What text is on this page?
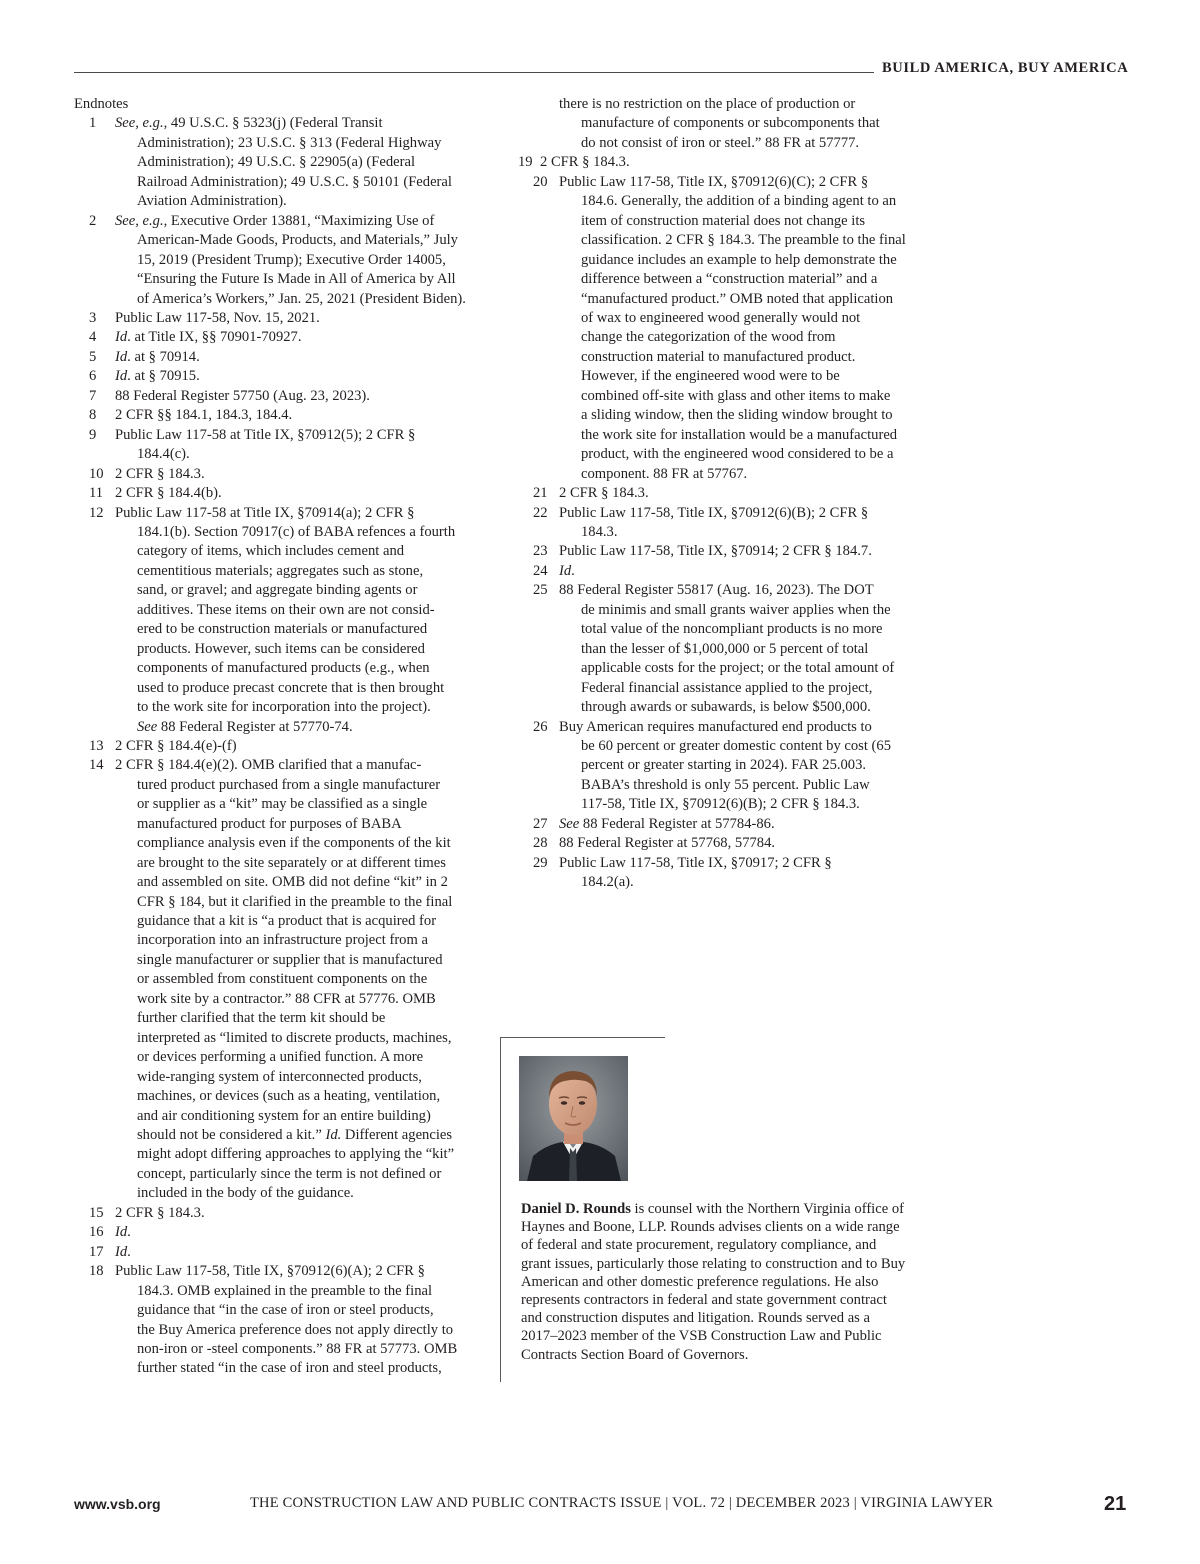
BUILD AMERICA, BUY AMERICA
Endnotes
1	See, e.g., 49 U.S.C. § 5323(j) (Federal Transit
Administration); 23 U.S.C. § 313 (Federal Highway
Administration); 49 U.S.C. § 22905(a) (Federal
Railroad Administration); 49 U.S.C. § 50101 (Federal
Aviation Administration).
2	See, e.g., Executive Order 13881, “Maximizing Use of
American-Made Goods, Products, and Materials,” July
15, 2019 (President Trump); Executive Order 14005,
“Ensuring the Future Is Made in All of America by All
of America’s Workers,” Jan. 25, 2021 (President Biden).
3	Public Law 117-58, Nov. 15, 2021.
4	Id. at Title IX, §§ 70901-70927.
5	Id. at § 70914.
6	Id. at § 70915.
7	88 Federal Register 57750 (Aug. 23, 2023).
8	2 CFR §§ 184.1, 184.3, 184.4.
9	Public Law 117-58 at Title IX, §70912(5); 2 CFR §
184.4(c).
10 2 CFR § 184.3.
11 2 CFR § 184.4(b).
12 Public Law 117-58 at Title IX, §70914(a); 2 CFR §
184.1(b). Section 70917(c) of BABA refences a fourth
category of items, which includes cement and
cementitious materials; aggregates such as stone,
sand, or gravel; and aggregate binding agents or
additives. These items on their own are not consid-
ered to be construction materials or manufactured
products. However, such items can be considered
components of manufactured products (e.g., when
used to produce precast concrete that is then brought
to the work site for incorporation into the project).
See 88 Federal Register at 57770-74.
13 2 CFR § 184.4(e)-(f)
14 2 CFR § 184.4(e)(2). OMB clarified that a manufac-
tured product purchased from a single manufacturer
or supplier as a “kit” may be classified as a single
manufactured product for purposes of BABA
compliance analysis even if the components of the kit
are brought to the site separately or at different times
and assembled on site. OMB did not define “kit” in 2
CFR § 184, but it clarified in the preamble to the final
guidance that a kit is “a product that is acquired for
incorporation into an infrastructure project from a
single manufacturer or supplier that is manufactured
or assembled from constituent components on the
work site by a contractor.” 88 CFR at 57776. OMB
further clarified that the term kit should be
interpreted as “limited to discrete products, machines,
or devices performing a unified function. A more
wide-ranging system of interconnected products,
machines, or devices (such as a heating, ventilation,
and air conditioning system for an entire building)
should not be considered a kit.” Id. Different agencies
might adopt differing approaches to applying the “kit”
concept, particularly since the term is not defined or
included in the body of the guidance.
15 2 CFR § 184.3.
16 Id.
17 Id.
18 Public Law 117-58, Title IX, §70912(6)(A); 2 CFR §
184.3. OMB explained in the preamble to the final
guidance that “in the case of iron or steel products,
the Buy America preference does not apply directly to
non-iron or -steel components.” 88 FR at 57773. OMB
further stated “in the case of iron and steel products,
there is no restriction on the place of production or
manufacture of components or subcomponents that
do not consist of iron or steel.” 88 FR at 57777.
19 2 CFR § 184.3.
20 Public Law 117-58, Title IX, §70912(6)(C); 2 CFR §
184.6. Generally, the addition of a binding agent to an
item of construction material does not change its
classification. 2 CFR § 184.3. The preamble to the final
guidance includes an example to help demonstrate the
difference between a “construction material” and a
“manufactured product.” OMB noted that application
of wax to engineered wood generally would not
change the categorization of the wood from
construction material to manufactured product.
However, if the engineered wood were to be
combined off-site with glass and other items to make
a sliding window, then the sliding window brought to
the work site for installation would be a manufactured
product, with the engineered wood considered to be a
component. 88 FR at 57767.
21 2 CFR § 184.3.
22 Public Law 117-58, Title IX, §70912(6)(B); 2 CFR §
184.3.
23 Public Law 117-58, Title IX, §70914; 2 CFR § 184.7.
24 Id.
25 88 Federal Register 55817 (Aug. 16, 2023). The DOT
de minimis and small grants waiver applies when the
total value of the noncompliant products is no more
than the lesser of $1,000,000 or 5 percent of total
applicable costs for the project; or the total amount of
Federal financial assistance applied to the project,
through awards or subawards, is below $500,000.
26 Buy American requires manufactured end products to
be 60 percent or greater domestic content by cost (65
percent or greater starting in 2024). FAR 25.003.
BABA’s threshold is only 55 percent. Public Law
117-58, Title IX, §70912(6)(B); 2 CFR § 184.3.
27 See 88 Federal Register at 57784-86.
28 88 Federal Register at 57768, 57784.
29 Public Law 117-58, Title IX, §70917; 2 CFR §
184.2(a).
Daniel D. Rounds is counsel with the Northern Virginia office of Haynes and Boone, LLP. Rounds advises clients on a wide range of federal and state procurement, regulatory compliance, and grant issues, particularly those relating to construction and to Buy American and other domestic preference regulations. He also represents contractors in federal and state government contract and construction disputes and litigation. Rounds served as a 2017–2023 member of the VSB Construction Law and Public Contracts Section Board of Governors.
www.vsb.org	THE CONSTRUCTION LAW AND PUBLIC CONTRACTS ISSUE | VOL. 72 | DECEMBER 2023 | VIRGINIA LAWYER	21
